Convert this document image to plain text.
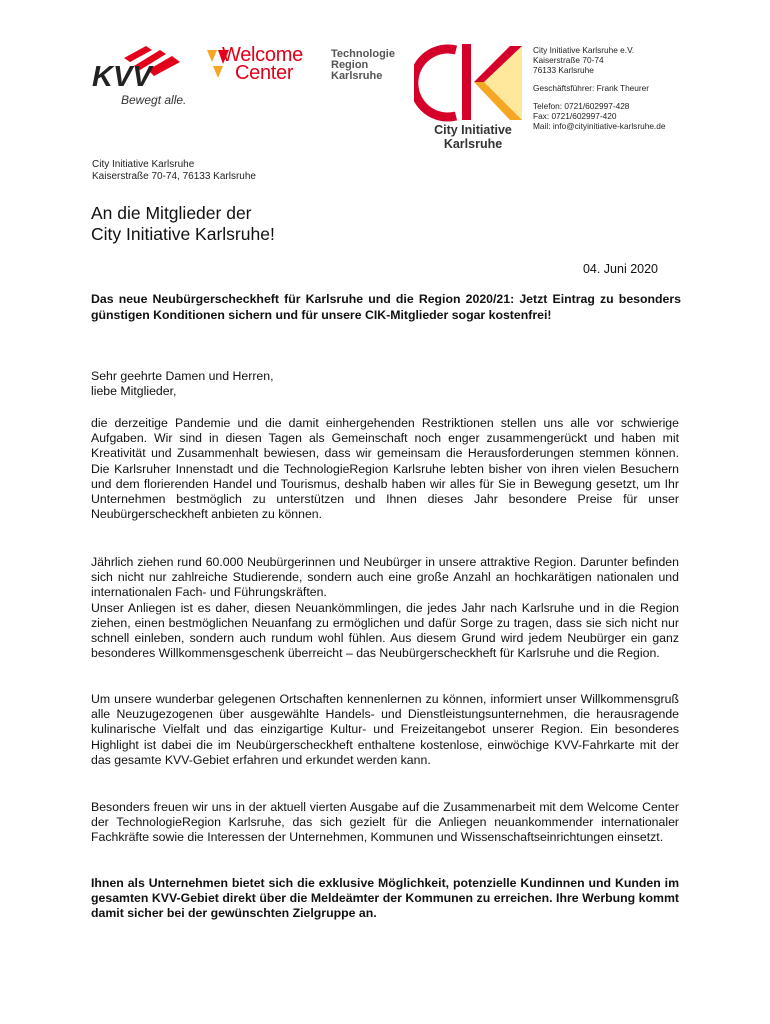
KVV
Bewegt alle.
Welcome
Center
Technologie
Region
Karlsruhe
City Initiative
Karlsruhe
City Initiative Karlsruhe e.V.
Kaiserstraße 70-74
76133 Karlsruhe
Geschäftsführer: Frank Theurer
Telefon: 0721/602997-428
Fax: 0721/602997-420
Mail: info@cityinitiative-karlsruhe.de
City Initiative Karlsruhe
Kaiserstraße 70-74, 76133 Karlsruhe
An die Mitglieder der
City Initiative Karlsruhe!
04. Juni 2020
Das neue Neubürgerscheckheft für Karlsruhe und die Region 2020/21: Jetzt Eintrag zu besonders günstigen Konditionen sichern und für unsere CIK-Mitglieder sogar kostenfrei!
Sehr geehrte Damen und Herren,
liebe Mitglieder,
die derzeitige Pandemie und die damit einhergehenden Restriktionen stellen uns alle vor schwierige Aufgaben. Wir sind in diesen Tagen als Gemeinschaft noch enger zusammengerückt und haben mit Kreativität und Zusammenhalt bewiesen, dass wir gemeinsam die Herausforderungen stemmen können. Die Karlsruher Innenstadt und die TechnologieRegion Karlsruhe lebten bisher von ihren vielen Besuchern und dem florierenden Handel und Tourismus, deshalb haben wir alles für Sie in Bewegung gesetzt, um Ihr Unternehmen bestmöglich zu unterstützen und Ihnen dieses Jahr besondere Preise für unser Neubürgerscheckheft anbieten zu können.
Jährlich ziehen rund 60.000 Neubürgerinnen und Neubürger in unsere attraktive Region. Darunter befinden sich nicht nur zahlreiche Studierende, sondern auch eine große Anzahl an hochkarätigen nationalen und internationalen Fach- und Führungskräften.
Unser Anliegen ist es daher, diesen Neuankömmlingen, die jedes Jahr nach Karlsruhe und in die Region ziehen, einen bestmöglichen Neuanfang zu ermöglichen und dafür Sorge zu tragen, dass sie sich nicht nur schnell einleben, sondern auch rundum wohl fühlen. Aus diesem Grund wird jedem Neubürger ein ganz besonderes Willkommensgeschenk überreicht – das Neubürgerscheckheft für Karlsruhe und die Region.
Um unsere wunderbar gelegenen Ortschaften kennenlernen zu können, informiert unser Willkommensgruß alle Neuzugezogenen über ausgewählte Handels- und Dienstleistungsunternehmen, die herausragende kulinarische Vielfalt und das einzigartige Kultur- und Freizeitangebot unserer Region. Ein besonderes Highlight ist dabei die im Neubürgerscheckheft enthaltene kostenlose, einwöchige KVV-Fahrkarte mit der das gesamte KVV-Gebiet erfahren und erkundet werden kann.
Besonders freuen wir uns in der aktuell vierten Ausgabe auf die Zusammenarbeit mit dem Welcome Center der TechnologieRegion Karlsruhe, das sich gezielt für die Anliegen neuankommender internationaler Fachkräfte sowie die Interessen der Unternehmen, Kommunen und Wissenschaftseinrichtungen einsetzt.
Ihnen als Unternehmen bietet sich die exklusive Möglichkeit, potenzielle Kundinnen und Kunden im gesamten KVV-Gebiet direkt über die Meldeämter der Kommunen zu erreichen. Ihre Werbung kommt damit sicher bei der gewünschten Zielgruppe an.
